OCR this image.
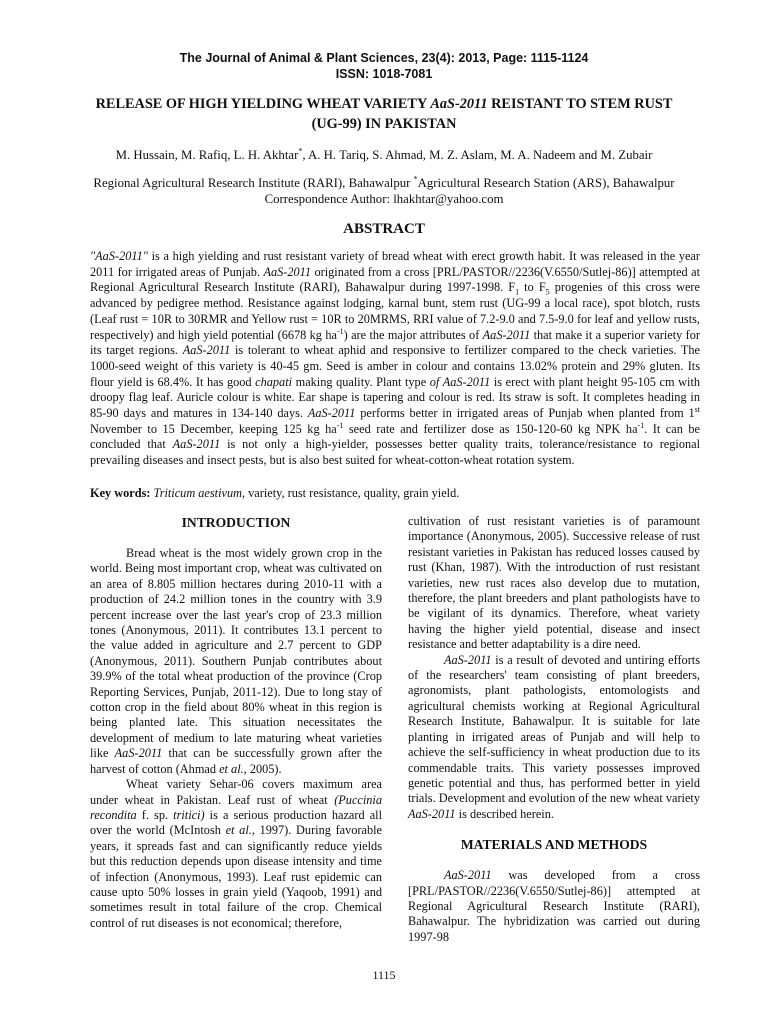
The Journal of Animal & Plant Sciences, 23(4): 2013, Page: 1115-1124
ISSN: 1018-7081
RELEASE OF HIGH YIELDING WHEAT VARIETY AaS-2011 REISTANT TO STEM RUST (UG-99) IN PAKISTAN
M. Hussain, M. Rafiq, L. H. Akhtar*, A. H. Tariq, S. Ahmad, M. Z. Aslam, M. A. Nadeem and M. Zubair
Regional Agricultural Research Institute (RARI), Bahawalpur *Agricultural Research Station (ARS), Bahawalpur
Correspondence Author: lhakhtar@yahoo.com
ABSTRACT

"AaS-2011" is a high yielding and rust resistant variety of bread wheat with erect growth habit. It was released in the year 2011 for irrigated areas of Punjab. AaS-2011 originated from a cross [PRL/PASTOR//2236(V.6550/Sutlej-86)] attempted at Regional Agricultural Research Institute (RARI), Bahawalpur during 1997-1998. $F_1$ to $F_5$ progenies of this cross were advanced by pedigree method. Resistance against lodging, karnal bunt, stem rust (UG-99 a local race), spot blotch, rusts (Leaf rust = 10R to 30RMR and Yellow rust = 10R to 20MRMS, RRI value of 7.2-9.0 and 7.5-9.0 for leaf and yellow rusts, respectively) and high yield potential (6678 kg $ha^{-1}$) are the major attributes of AaS-2011 that make it a superior variety for its target regions. AaS-2011 is tolerant to wheat aphid and responsive to fertilizer compared to the check varieties. The 1000-seed weight of this variety is 40-45 gm. Seed is amber in colour and contains 13.02% protein and 29% gluten. Its flour yield is 68.4%. It has good chapati making quality. Plant type of AaS-2011 is erect with plant height 95-105 cm with droopy flag leaf. Auricle colour is white. Ear shape is tapering and colour is red. Its straw is soft. It completes heading in 85-90 days and matures in 134-140 days. AaS-2011 performs better in irrigated areas of Punjab when planted from 1st November to 15 December, keeping 125 kg $ha^{-1}$ seed rate and fertilizer dose as 150-120-60 kg NPK $ha^{-1}$. It can be concluded that AaS-2011 is not only a high-yielder, possesses better quality traits, tolerance/resistance to regional prevailing diseases and insect pests, but is also best suited for wheat-cotton-wheat rotation system.

Key words: Triticum aestivum, variety, rust resistance, quality, grain yield.

INTRODUCTION

Bread wheat is the most widely grown crop in the world. Being most important crop, wheat was cultivated on an area of 8.805 million hectares during 2010-11 with a production of 24.2 million tones in the country with 3.9 percent increase over the last year's crop of 23.3 million tones (Anonymous, 2011). It contributes 13.1 percent to the value added in agriculture and 2.7 percent to GDP (Anonymous, 2011). Southern Punjab contributes about 39.9% of the total wheat production of the province (Crop Reporting Services, Punjab, 2011-12). Due to long stay of cotton crop in the field about 80% wheat in this region is being planted late. This situation necessitates the development of medium to late maturing wheat varieties like AaS-2011 that can be successfully grown after the harvest of cotton (Ahmad et al., 2005).

Wheat variety Sehar-06 covers maximum area under wheat in Pakistan. Leaf rust of wheat (Puccinia recondita f. sp. tritici) is a serious production hazard all over the world (McIntosh et al., 1997). During favorable years, it spreads fast and can significantly reduce yields but this reduction depends upon disease intensity and time of infection (Anonymous, 1993). Leaf rust epidemic can cause upto 50% losses in grain yield (Yaqoob, 1991) and sometimes result in total failure of the crop. Chemical control of rut diseases is not economical; therefore,

cultivation of rust resistant varieties is of paramount importance (Anonymous, 2005). Successive release of rust resistant varieties in Pakistan has reduced losses caused by rust (Khan, 1987). With the introduction of rust resistant varieties, new rust races also develop due to mutation, therefore, the plant breeders and plant pathologists have to be vigilant of its dynamics. Therefore, wheat variety having the higher yield potential, disease and insect resistance and better adaptability is a dire need.

AaS-2011 is a result of devoted and untiring efforts of the researchers' team consisting of plant breeders, agronomists, plant pathologists, entomologists and agricultural chemists working at Regional Agricultural Research Institute, Bahawalpur. It is suitable for late planting in irrigated areas of Punjab and will help to achieve the self-sufficiency in wheat production due to its commendable traits. This variety possesses improved genetic potential and thus, has performed better in yield trials. Development and evolution of the new wheat variety AaS-2011 is described herein.

MATERIALS AND METHODS

AaS-2011 was developed from a cross [PRL/PASTOR//2236(V.6550/Sutlej-86)] attempted at Regional Agricultural Research Institute (RARI), Bahawalpur. The hybridization was carried out during 1997-98

1115
